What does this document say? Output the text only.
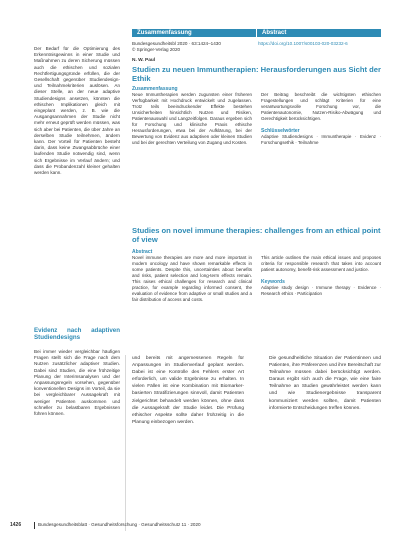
Der Bedarf für die Optimierung des Erkenntnisgewinns in einer Studie und Maßnahmen zu deren Sicherung müssen auch die ethischen und sozialen Rechtfertigungsgründe erfüllen, die der Gesellschaft gegenüber Studiendesign- und Teilnahmekriterien auslösen. An dieser Stelle, an der neue adaptive Studiendesigns ansetzen, könnten die ethischen Implikationen gleich mit eingeplant werden, z. B. wie die Ausgangsannahmen der Studie nicht mehr erneut geprüft werden müssen, was sich aber bei Patienten, die über Jahre an derselben Studie teilnehmen, ändern kann. Der Vorteil für Patienten besteht darin, dass keine Zwangsabbrüche einer laufenden Studie notwendig sind, wenn sich Ergebnisse im Verlauf ändern; und dass die Probandenzahl kleiner gehalten werden kann.

Evidenz nach adaptiven Studiendesigns

Bei immer wieder vergleichbar häufigen Fragen stellt sich die Frage nach dem Nutzen zusätzlicher adaptiver Studien. Dabei sind Studien, die eine frühzeitige Planung der Interimsanalysen und der Anpassungsregeln vorsehen, gegenüber konventionellen Designs im Vorteil, da sie bei vergleichbarer Aussagekraft mit weniger Patienten auskommen und schneller zu belastbaren Ergebnissen führen können.

Zusammenfassung	Abstract
Bundesgesundheitsbl 2020 · 63:1424–1430
© Springer-Verlag 2020
https://doi.org/10.1007/s00103-020-03232-6
N. W. Paul
Studien zu neuen Immuntherapien: Herausforderungen aus Sicht der Ethik
Zusammenfassung

Neue Immuntherapien werden zugunsten einer früheren Verfügbarkeit mit Hochdruck entwickelt und zugelassen. Trotz teils beeindruckender Effekte bestehen Unsicherheiten hinsichtlich Nutzen und Risiken, Patientenauswahl und Langzeitfolgen. Daraus ergeben sich für Forschung und klinische Praxis ethische Herausforderungen, etwa bei der Aufklärung, bei der Bewertung von Evidenz aus adaptiven oder kleinen Studien und bei der gerechten Verteilung von Zugang und Kosten.

Der Beitrag beschreibt die wichtigsten ethischen Fragestellungen und schlägt Kriterien für eine verantwortungsvolle Forschung vor, die Patientenautonomie, Nutzen-Risiko-Abwägung und Gerechtigkeit berücksichtigen.

Schlüsselwörter

Adaptive Studiendesigns · Immuntherapie · Evidenz · Forschungsethik · Teilnahme

Studies on novel immune therapies: challenges from an ethical point of view
Abstract

Novel immune therapies are more and more important in modern oncology and have shown remarkable effects in some patients. Despite this, uncertainties about benefits and risks, patient selection and long-term effects remain. This raises ethical challenges for research and clinical practice, for example regarding informed consent, the evaluation of evidence from adaptive or small studies and a fair distribution of access and costs.

This article outlines the main ethical issues and proposes criteria for responsible research that takes into account patient autonomy, benefit-risk assessment and justice.

Keywords

Adaptive study design · Immune therapy · Evidence · Research ethics · Participation

und bereits mit angemessenen Regeln für Anpassungen im Studienverlauf geplant werden. Dabei ist eine Kontrolle des Fehlers erster Art erforderlich, um valide Ergebnisse zu erhalten. In vielen Fällen ist eine Kombination mit Biomarker-basierten Stratifizierungen sinnvoll, damit Patienten zielgerichtet behandelt werden können, ohne dass die Aussagekraft der Studie leidet. Die Prüfung ethischer Aspekte sollte daher frühzeitig in die Planung einbezogen werden.

Die gesundheitliche Situation der Patientinnen und Patienten, ihre Präferenzen und ihre Bereitschaft zur Teilnahme müssen dabei berücksichtigt werden. Daraus ergibt sich auch die Frage, wie eine faire Teilnahme an Studien gewährleistet werden kann und wie Studienergebnisse transparent kommuniziert werden sollten, damit Patienten informierte Entscheidungen treffen können.

1426	Bundesgesundheitsblatt · Gesundheitsforschung · Gesundheitsschutz 11 · 2020
